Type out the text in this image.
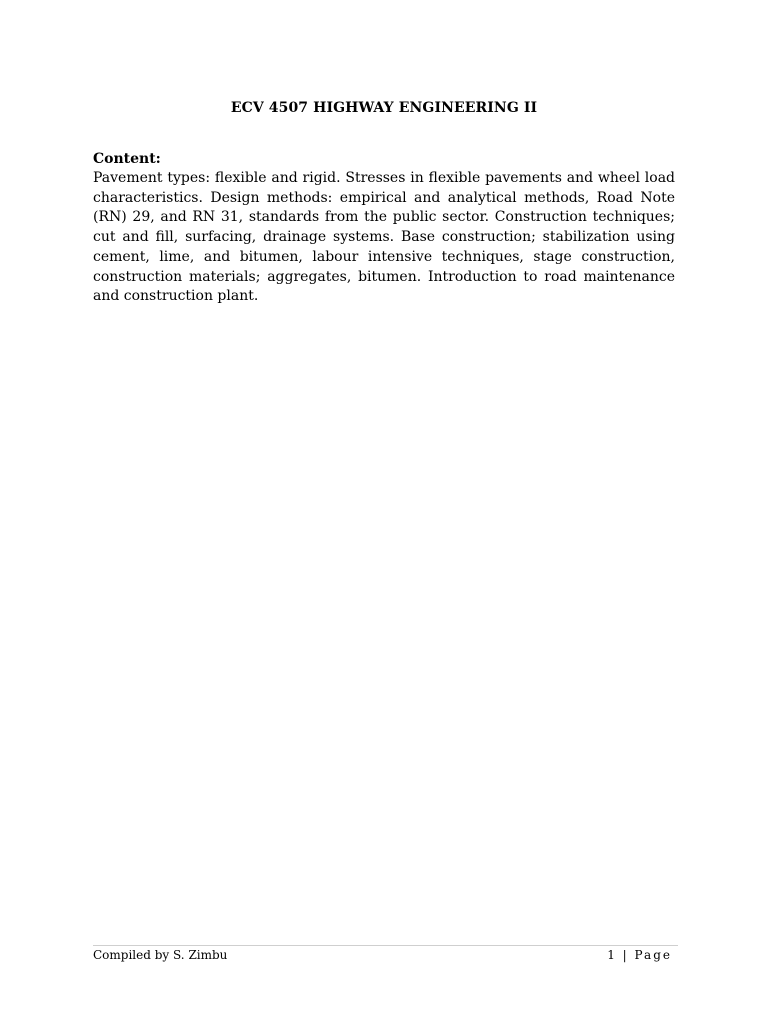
ECV 4507 HIGHWAY ENGINEERING II

Content:

Pavement types: flexible and rigid. Stresses in flexible pavements and wheel load characteristics. Design methods: empirical and analytical methods, Road Note (RN) 29, and RN 31, standards from the public sector. Construction techniques; cut and fill, surfacing, drainage systems. Base construction; stabilization using cement, lime, and bitumen, labour intensive techniques, stage construction, construction materials; aggregates, bitumen. Introduction to road maintenance and construction plant.

Compiled by S. Zimbu	1 | Page
